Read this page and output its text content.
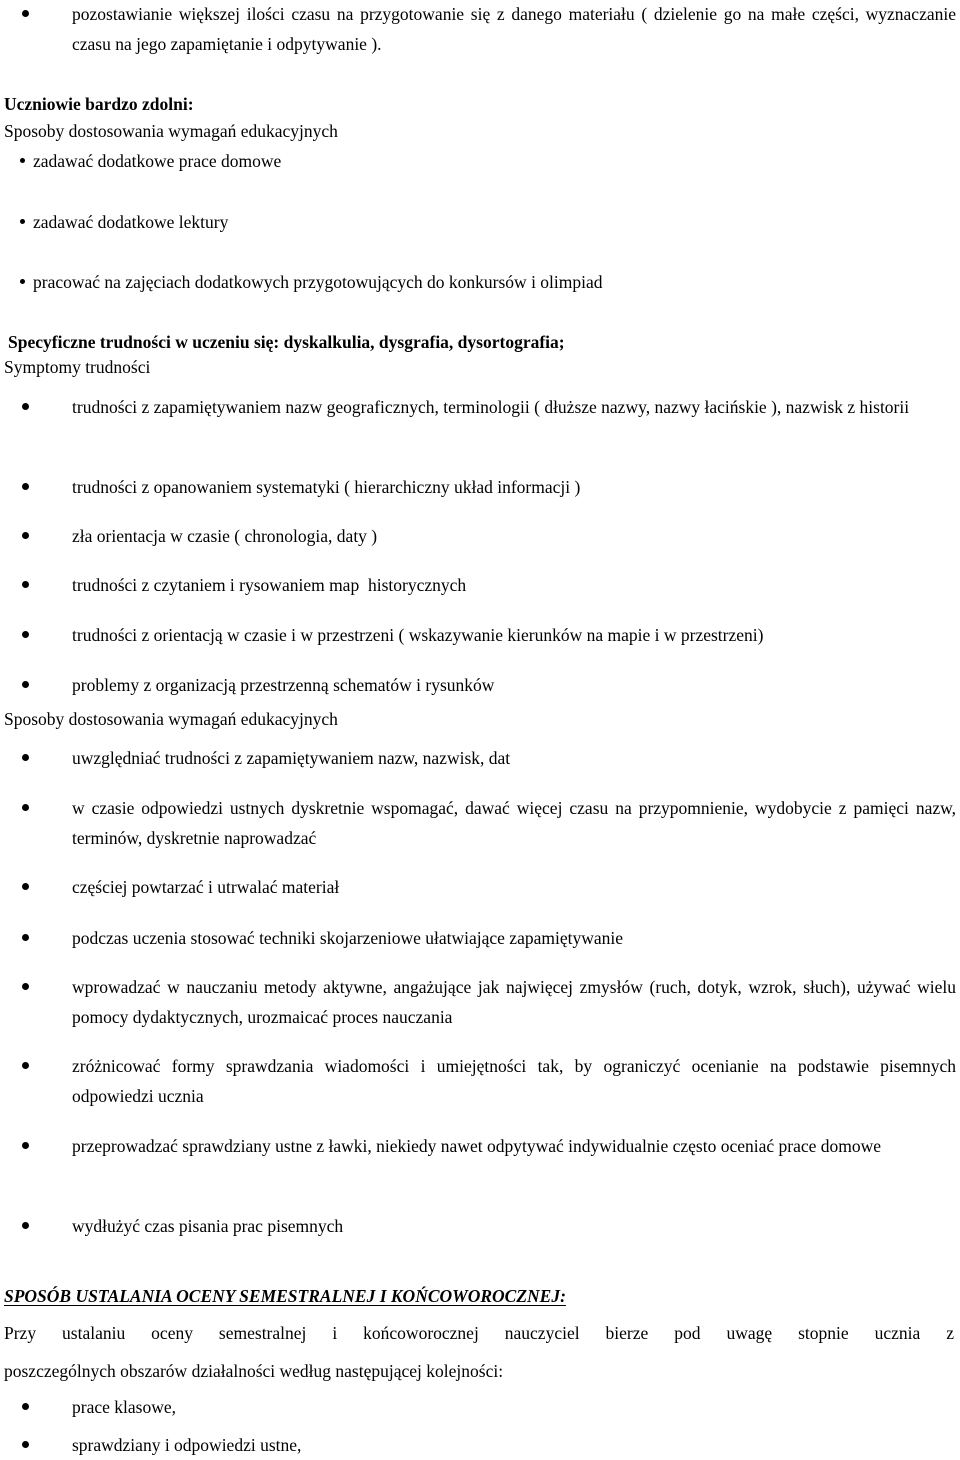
pozostawianie większej ilości czasu na przygotowanie się z danego materiału ( dzielenie go na małe części, wyznaczanie czasu na jego zapamiętanie i odpytywanie ).
Uczniowie bardzo zdolni:
Sposoby dostosowania wymagań edukacyjnych
zadawać dodatkowe prace domowe
zadawać dodatkowe lektury
pracować na zajęciach dodatkowych przygotowujących do konkursów i olimpiad
Specyficzne trudności w uczeniu się: dyskalkulia, dysgrafia, dysortografia;
Symptomy trudności
trudności z zapamiętywaniem nazw geograficznych, terminologii ( dłuższe nazwy, nazwy łacińskie ), nazwisk z historii
trudności z opanowaniem systematyki ( hierarchiczny układ informacji )
zła orientacja w czasie ( chronologia, daty )
trudności z czytaniem i rysowaniem map  historycznych
trudności z orientacją w czasie i w przestrzeni ( wskazywanie kierunków na mapie i w przestrzeni)
problemy z organizacją przestrzenną schematów i rysunków
Sposoby dostosowania wymagań edukacyjnych
uwzględniać trudności z zapamiętywaniem nazw, nazwisk, dat
w czasie odpowiedzi ustnych dyskretnie wspomagać, dawać więcej czasu na przypomnienie, wydobycie z pamięci nazw, terminów, dyskretnie naprowadzać
częściej powtarzać i utrwalać materiał
podczas uczenia stosować techniki skojarzeniowe ułatwiające zapamiętywanie
wprowadzać w nauczaniu metody aktywne, angażujące jak najwięcej zmysłów (ruch, dotyk, wzrok, słuch), używać wielu pomocy dydaktycznych, urozmaicać proces nauczania
zróżnicować formy sprawdzania wiadomości i umiejętności tak, by ograniczyć ocenianie na podstawie pisemnych odpowiedzi ucznia
przeprowadzać sprawdziany ustne z ławki, niekiedy nawet odpytywać indywidualnie często oceniać prace domowe
wydłużyć czas pisania prac pisemnych
SPOSÓB USTALANIA OCENY SEMESTRALNEJ I KOŃCOWOROCZNEJ:
Przy ustalaniu oceny semestralnej i końcoworocznej nauczyciel bierze pod uwagę stopnie ucznia z
poszczególnych obszarów działalności według następującej kolejności:
prace klasowe,
sprawdziany i odpowiedzi ustne,
